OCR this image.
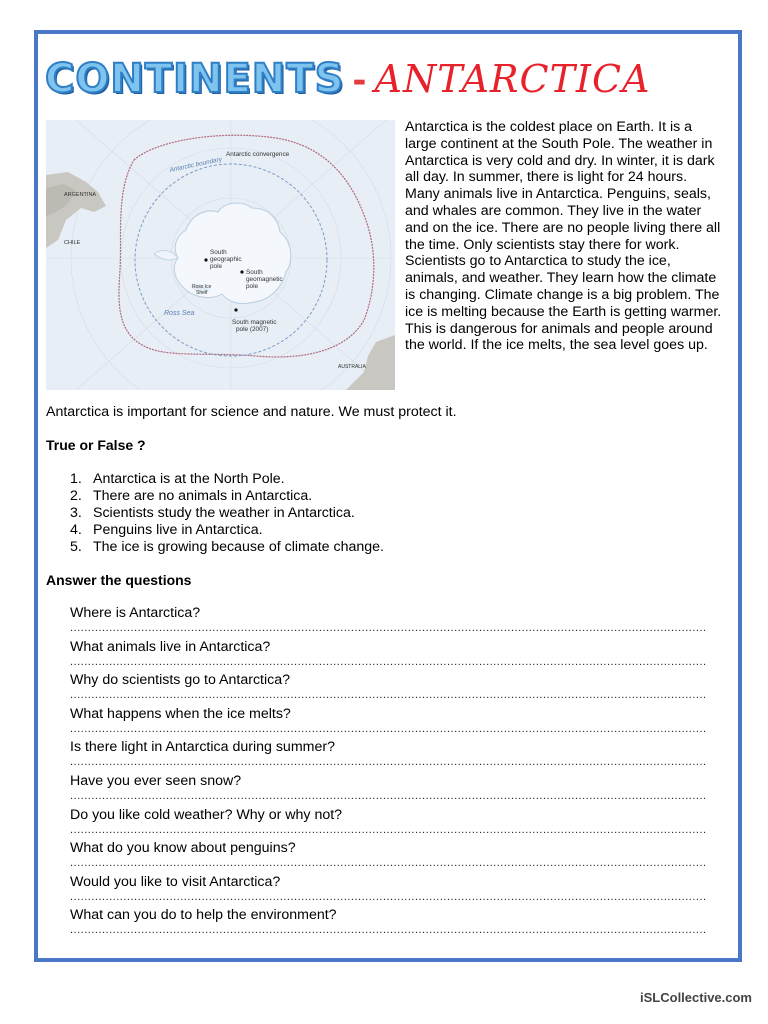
CONTINENTS - ANTARCTICA
Antarctic convergence
Antarctic boundary
ARGENTINA
CHILE
South
geographic
pole
South
geomagnetic
pole
Ross Ice
Shelf
Ross Sea
South magnetic
pole (2007)
AUSTRALIA

Antarctica is the coldest place on Earth. It is a large continent at the South Pole. The weather in Antarctica is very cold and dry. In winter, it is dark all day. In summer, there is light for 24 hours.

Many animals live in Antarctica. Penguins, seals, and whales are common. They live in the water and on the ice. There are no people living there all the time. Only scientists stay there for work.

Scientists go to Antarctica to study the ice, animals, and weather. They learn how the climate is changing. Climate change is a big problem. The ice is melting because the Earth is getting warmer. This is dangerous for animals and people around the world. If the ice melts, the sea level goes up.

Antarctica is important for science and nature. We must protect it.
True or False ?
1. Antarctica is at the North Pole.
2. There are no animals in Antarctica.
3. Scientists study the weather in Antarctica.
4. Penguins live in Antarctica.
5. The ice is growing because of climate change.
Answer the questions
Where is Antarctica?
...................................................................................................................................................................................
What animals live in Antarctica?
...................................................................................................................................................................................
Why do scientists go to Antarctica?
...................................................................................................................................................................................
What happens when the ice melts?
...................................................................................................................................................................................
Is there light in Antarctica during summer?
...................................................................................................................................................................................
Have you ever seen snow?
...................................................................................................................................................................................
Do you like cold weather? Why or why not?
...................................................................................................................................................................................
What do you know about penguins?
...................................................................................................................................................................................
Would you like to visit Antarctica?
...................................................................................................................................................................................
What can you do to help the environment?
...................................................................................................................................................................................
iSLCollective.com
